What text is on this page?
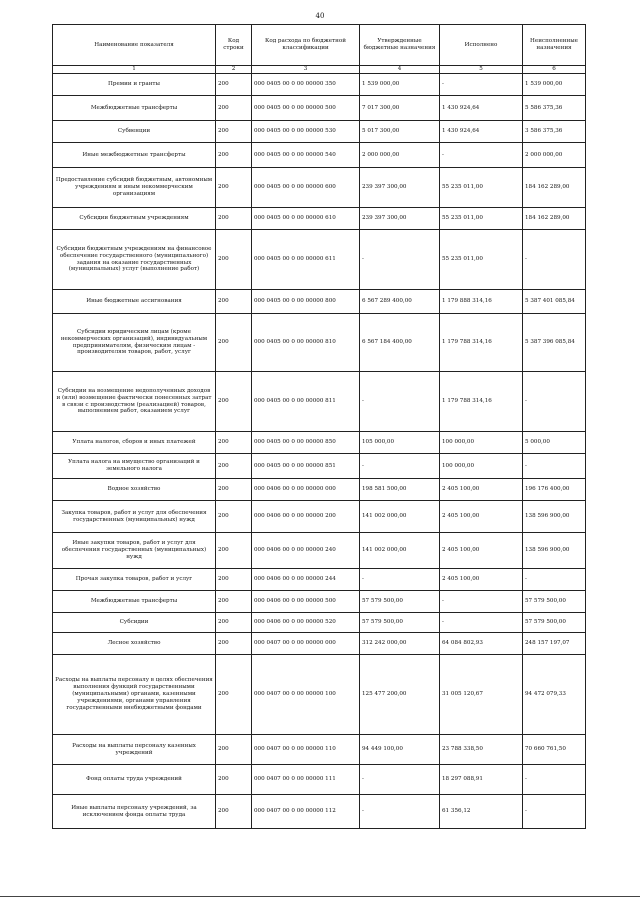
40
Наименование показателя	Код строки	Код расхода по бюджетной классификации	Утвержденные бюджетные назначения	Исполнено	Неисполненные назначения
1	2	3	4	5	6
Премии и гранты	200	000 0405 00 0 00 00000 350	1 539 000,00	-	1 539 000,00
Межбюджетные трансферты	200	000 0405 00 0 00 00000 500	7 017 300,00	1 430 924,64	5 586 375,36
Субвенции	200	000 0405 00 0 00 00000 530	5 017 300,00	1 430 924,64	3 586 375,36
Иные межбюджетные трансферты	200	000 0405 00 0 00 00000 540	2 000 000,00	-	2 000 000,00
Предоставление субсидий бюджетным, автономным учреждениям и иным некоммерческим организациям	200	000 0405 00 0 00 00000 600	239 397 300,00	55 235 011,00	184 162 289,00
Субсидии бюджетным учреждениям	200	000 0405 00 0 00 00000 610	239 397 300,00	55 235 011,00	184 162 289,00
Субсидии бюджетным учреждениям на финансовое обеспечение государственного (муниципального) задания на оказание государственных (муниципальных) услуг (выполнение работ)	200	000 0405 00 0 00 00000 611	-	55 235 011,00	-
Иные бюджетные ассигнования	200	000 0405 00 0 00 00000 800	6 567 289 400,00	1 179 888 314,16	5 387 401 085,84
Субсидии юридическим лицам (кроме некоммерческих организаций), индивидуальным предпринимателям, физическим лицам - производителям товаров, работ, услуг	200	000 0405 00 0 00 00000 810	6 567 184 400,00	1 179 788 314,16	5 387 396 085,84
Субсидии на возмещение недополученных доходов и (или) возмещение фактически понесенных затрат в связи с производством (реализацией) товаров, выполнением работ, оказанием услуг	200	000 0405 00 0 00 00000 811	-	1 179 788 314,16	-
Уплата налогов, сборов и иных платежей	200	000 0405 00 0 00 00000 850	105 000,00	100 000,00	5 000,00
Уплата налога на имущество организаций и земельного налога	200	000 0405 00 0 00 00000 851	-	100 000,00	-
Водное хозяйство	200	000 0406 00 0 00 00000 000	198 581 500,00	2 405 100,00	196 176 400,00
Закупка товаров, работ и услуг для обеспечения государственных (муниципальных) нужд	200	000 0406 00 0 00 00000 200	141 002 000,00	2 405 100,00	138 596 900,00
Иные закупки товаров, работ и услуг для обеспечения государственных (муниципальных) нужд	200	000 0406 00 0 00 00000 240	141 002 000,00	2 405 100,00	138 596 900,00
Прочая закупка товаров, работ и услуг	200	000 0406 00 0 00 00000 244	-	2 405 100,00	-
Межбюджетные трансферты	200	000 0406 00 0 00 00000 500	57 579 500,00	-	57 579 500,00
Субсидии	200	000 0406 00 0 00 00000 520	57 579 500,00	-	57 579 500,00
Лесное хозяйство	200	000 0407 00 0 00 00000 000	312 242 000,00	64 084 802,93	248 157 197,07
Расходы на выплаты персоналу в целях обеспечения выполнения функций государственными (муниципальными) органами, казенными учреждениями, органами управления государственными внебюджетными фондами	200	000 0407 00 0 00 00000 100	125 477 200,00	31 005 120,67	94 472 079,33
Расходы на выплаты персоналу казенных учреждений	200	000 0407 00 0 00 00000 110	94 449 100,00	23 788 338,50	70 660 761,50
Фонд оплаты труда учреждений	200	000 0407 00 0 00 00000 111	-	18 297 088,91	-
Иные выплаты персоналу учреждений, за исключением фонда оплаты труда	200	000 0407 00 0 00 00000 112	-	61 356,12	-
